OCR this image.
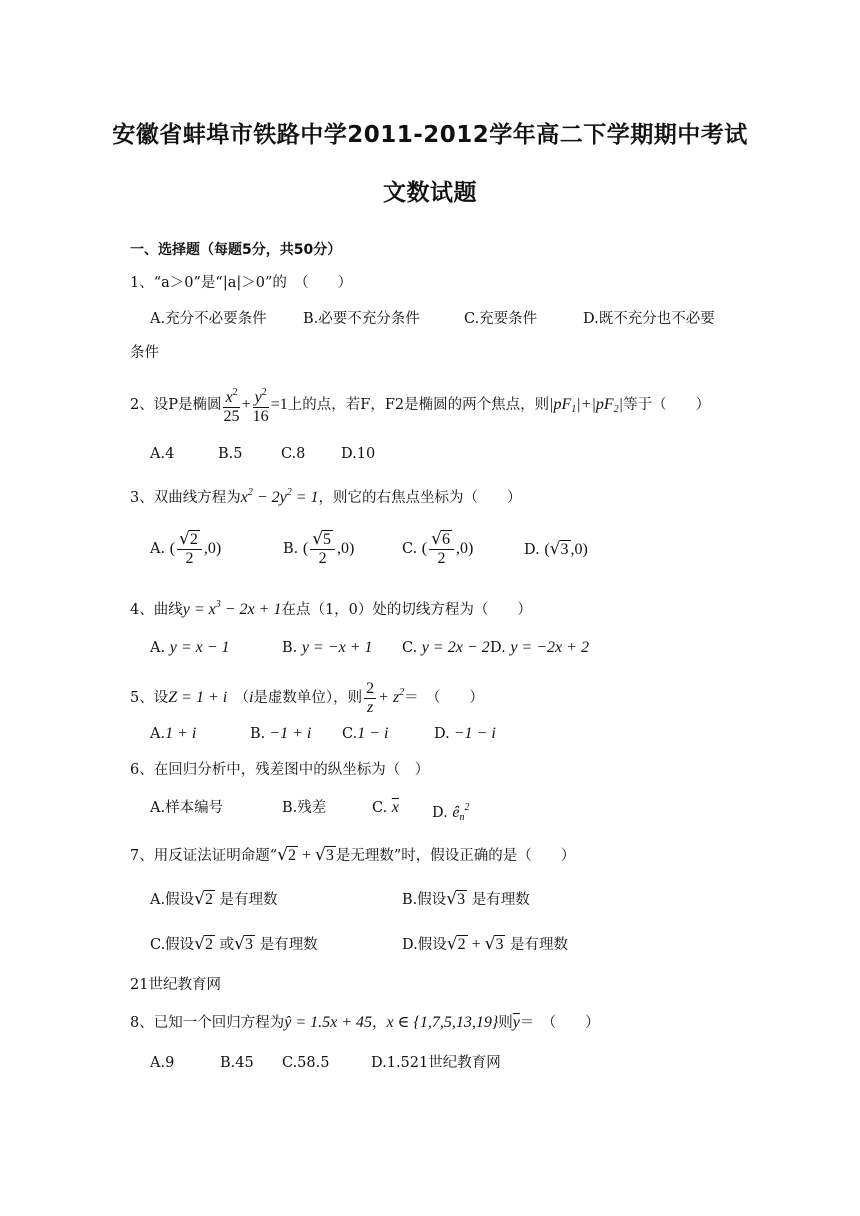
安徽省蚌埠市铁路中学2011-2012学年高二下学期期中考试
文数试题
一、选择题（每题5分，共50分）
1、“a＞0”是“|a|＞0”的　（　　）
A.充分不必要条件	B.必要不充分条件	C.充要条件	D.既不充分也不必要
条件
2、设P是椭圆 $\frac{x^2}{25} + \frac{y^2}{16} =1$上的点，若F，F2是椭圆的两个焦点，则$|pF_1|+|pF_2|$等于（　　）
A.4	B.5	C.8 D.10
3、双曲线方程为$x^2 - 2y^2 = 1$，则它的右焦点坐标为（　　）
A. ( $\frac{√2}{2} ,0$)	B. ( $\frac{√5}{2} ,0$)	C. ( $\frac{√6}{2} ,0$)	D. (√3 ,0)
4、曲线$y = x^3 - 2x + 1$在点（1，0）处的切线方程为（　　）
A. y = x − 1	B. y = −x + 1 C. y = 2x − 2 D. y = −2x + 2
5、设Z = 1 + i　 （i是虚数单位），则 $\frac{2}{z} + z^2=$　（　　）
A.1 + i	B. −1 + i C.1 − i	D. −1 − i
6、在回归分析中，残差图中的纵坐标为（　）
A.样本编号	B.残差	C. $\overline{x}$ D. $ê_n^2$
7、用反证法证明命题“√2 + √3 是无理数”时，假设正确的是（　　）
A.假设√2 是有理数	B.假设√3 是有理数
C.假设√2 或√3 是有理数	D.假设√2 + √3 是有理数
21世纪教育网
8、已知一个回归方程为ŷ = 1.5x + 45，x ∈ {1,7,5,13,19}则$\overline{y}=$　（　　）
A.9	B.45 C.58.5	D.1.521世纪教育网
